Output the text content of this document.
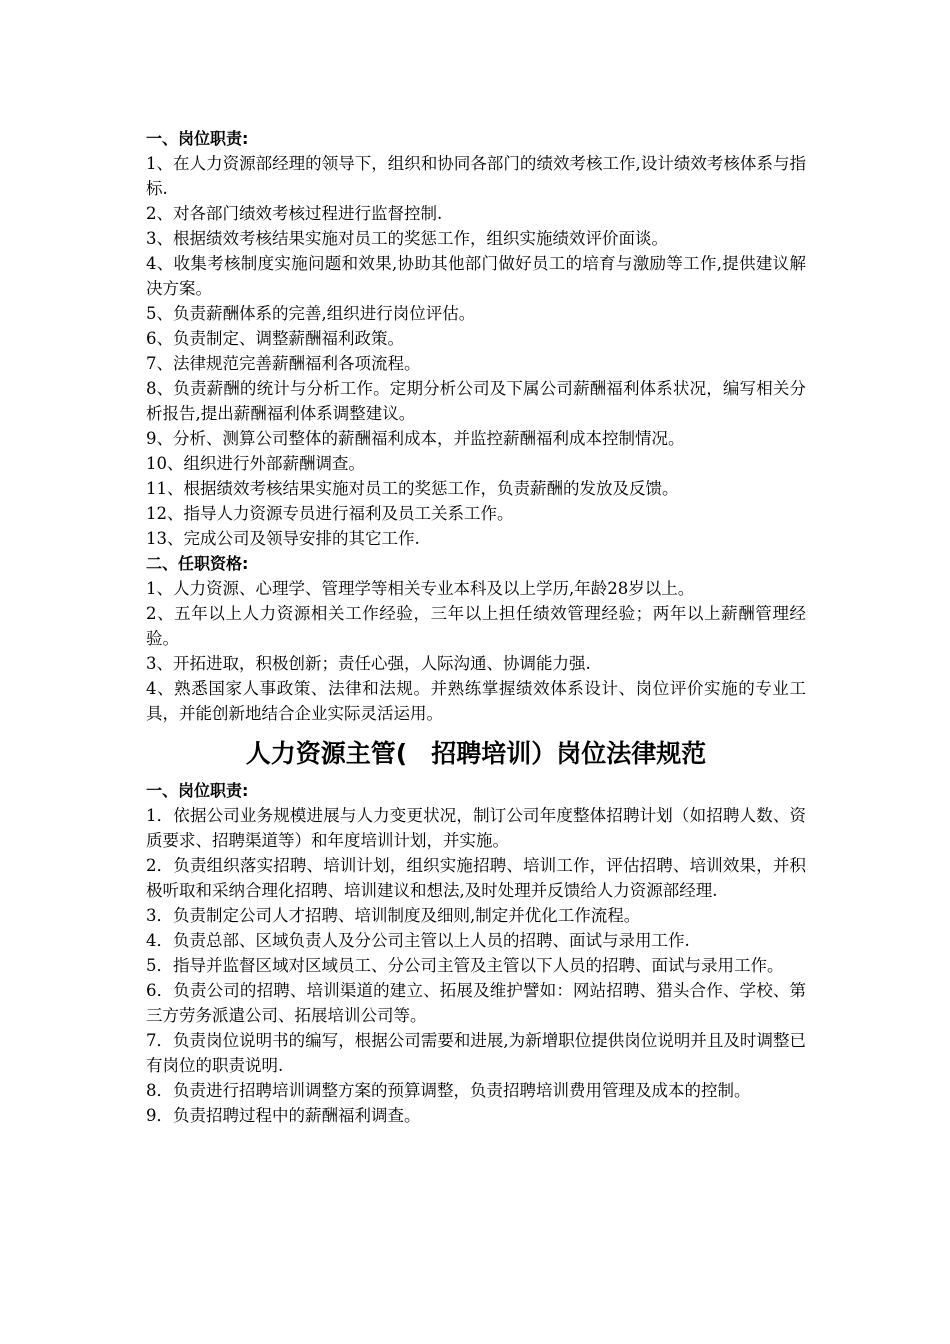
一、岗位职责:

1、在人力资源部经理的领导下，组织和协同各部门的绩效考核工作,设计绩效考核体系与指标.

2、对各部门绩效考核过程进行监督控制.

3、根据绩效考核结果实施对员工的奖惩工作，组织实施绩效评价面谈。

4、收集考核制度实施问题和效果,协助其他部门做好员工的培育与激励等工作,提供建议解决方案。

5、负责薪酬体系的完善,组织进行岗位评估。

6、负责制定、调整薪酬福利政策。

7、法律规范完善薪酬福利各项流程。

8、负责薪酬的统计与分析工作。定期分析公司及下属公司薪酬福利体系状况，编写相关分析报告,提出薪酬福利体系调整建议。

9、分析、测算公司整体的薪酬福利成本，并监控薪酬福利成本控制情况。

10、组织进行外部薪酬调查。

11、根据绩效考核结果实施对员工的奖惩工作，负责薪酬的发放及反馈。

12、指导人力资源专员进行福利及员工关系工作。

13、完成公司及领导安排的其它工作.

二、任职资格:

1、人力资源、心理学、管理学等相关专业本科及以上学历,年龄28岁以上。

2、五年以上人力资源相关工作经验，三年以上担任绩效管理经验；两年以上薪酬管理经验。

3、开拓进取，积极创新；责任心强，人际沟通、协调能力强.

4、熟悉国家人事政策、法律和法规。并熟练掌握绩效体系设计、岗位评价实施的专业工具，并能创新地结合企业实际灵活运用。

人力资源主管( 招聘培训）岗位法律规范

一、岗位职责:

1．依据公司业务规模进展与人力变更状况，制订公司年度整体招聘计划（如招聘人数、资质要求、招聘渠道等）和年度培训计划，并实施。

2．负责组织落实招聘、培训计划，组织实施招聘、培训工作，评估招聘、培训效果，并积极听取和采纳合理化招聘、培训建议和想法,及时处理并反馈给人力资源部经理.

3．负责制定公司人才招聘、培训制度及细则,制定并优化工作流程。

4．负责总部、区域负责人及分公司主管以上人员的招聘、面试与录用工作.

5．指导并监督区域对区域员工、分公司主管及主管以下人员的招聘、面试与录用工作。

6．负责公司的招聘、培训渠道的建立、拓展及维护譬如：网站招聘、猎头合作、学校、第三方劳务派遣公司、拓展培训公司等。

7．负责岗位说明书的编写，根据公司需要和进展,为新增职位提供岗位说明并且及时调整已有岗位的职责说明.

8．负责进行招聘培训调整方案的预算调整，负责招聘培训费用管理及成本的控制。

9．负责招聘过程中的薪酬福利调查。
